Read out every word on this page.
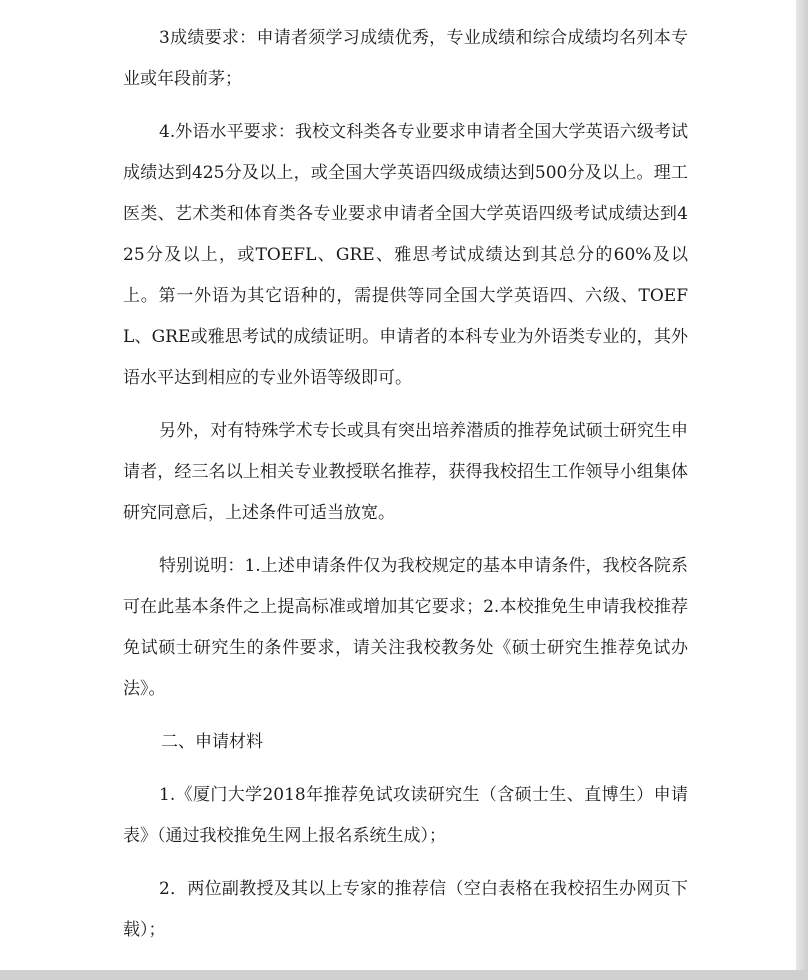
3成绩要求：申请者须学习成绩优秀，专业成绩和综合成绩均名列本专业或年段前茅；

4.外语水平要求：我校文科类各专业要求申请者全国大学英语六级考试成绩达到425分及以上，或全国大学英语四级成绩达到500分及以上。理工医类、艺术类和体育类各专业要求申请者全国大学英语四级考试成绩达到425分及以上，或TOEFL、GRE、雅思考试成绩达到其总分的60%及以上。第一外语为其它语种的，需提供等同全国大学英语四、六级、TOEFL、GRE或雅思考试的成绩证明。申请者的本科专业为外语类专业的，其外语水平达到相应的专业外语等级即可。

另外，对有特殊学术专长或具有突出培养潜质的推荐免试硕士研究生申请者，经三名以上相关专业教授联名推荐，获得我校招生工作领导小组集体研究同意后，上述条件可适当放宽。

特别说明：1.上述申请条件仅为我校规定的基本申请条件，我校各院系可在此基本条件之上提高标准或增加其它要求；2.本校推免生申请我校推荐免试硕士研究生的条件要求，请关注我校教务处《硕士研究生推荐免试办法》。

二、申请材料

1.《厦门大学2018年推荐免试攻读研究生（含硕士生、直博生）申请表》（通过我校推免生网上报名系统生成）；

2．两位副教授及其以上专家的推荐信（空白表格在我校招生办网页下载）；
